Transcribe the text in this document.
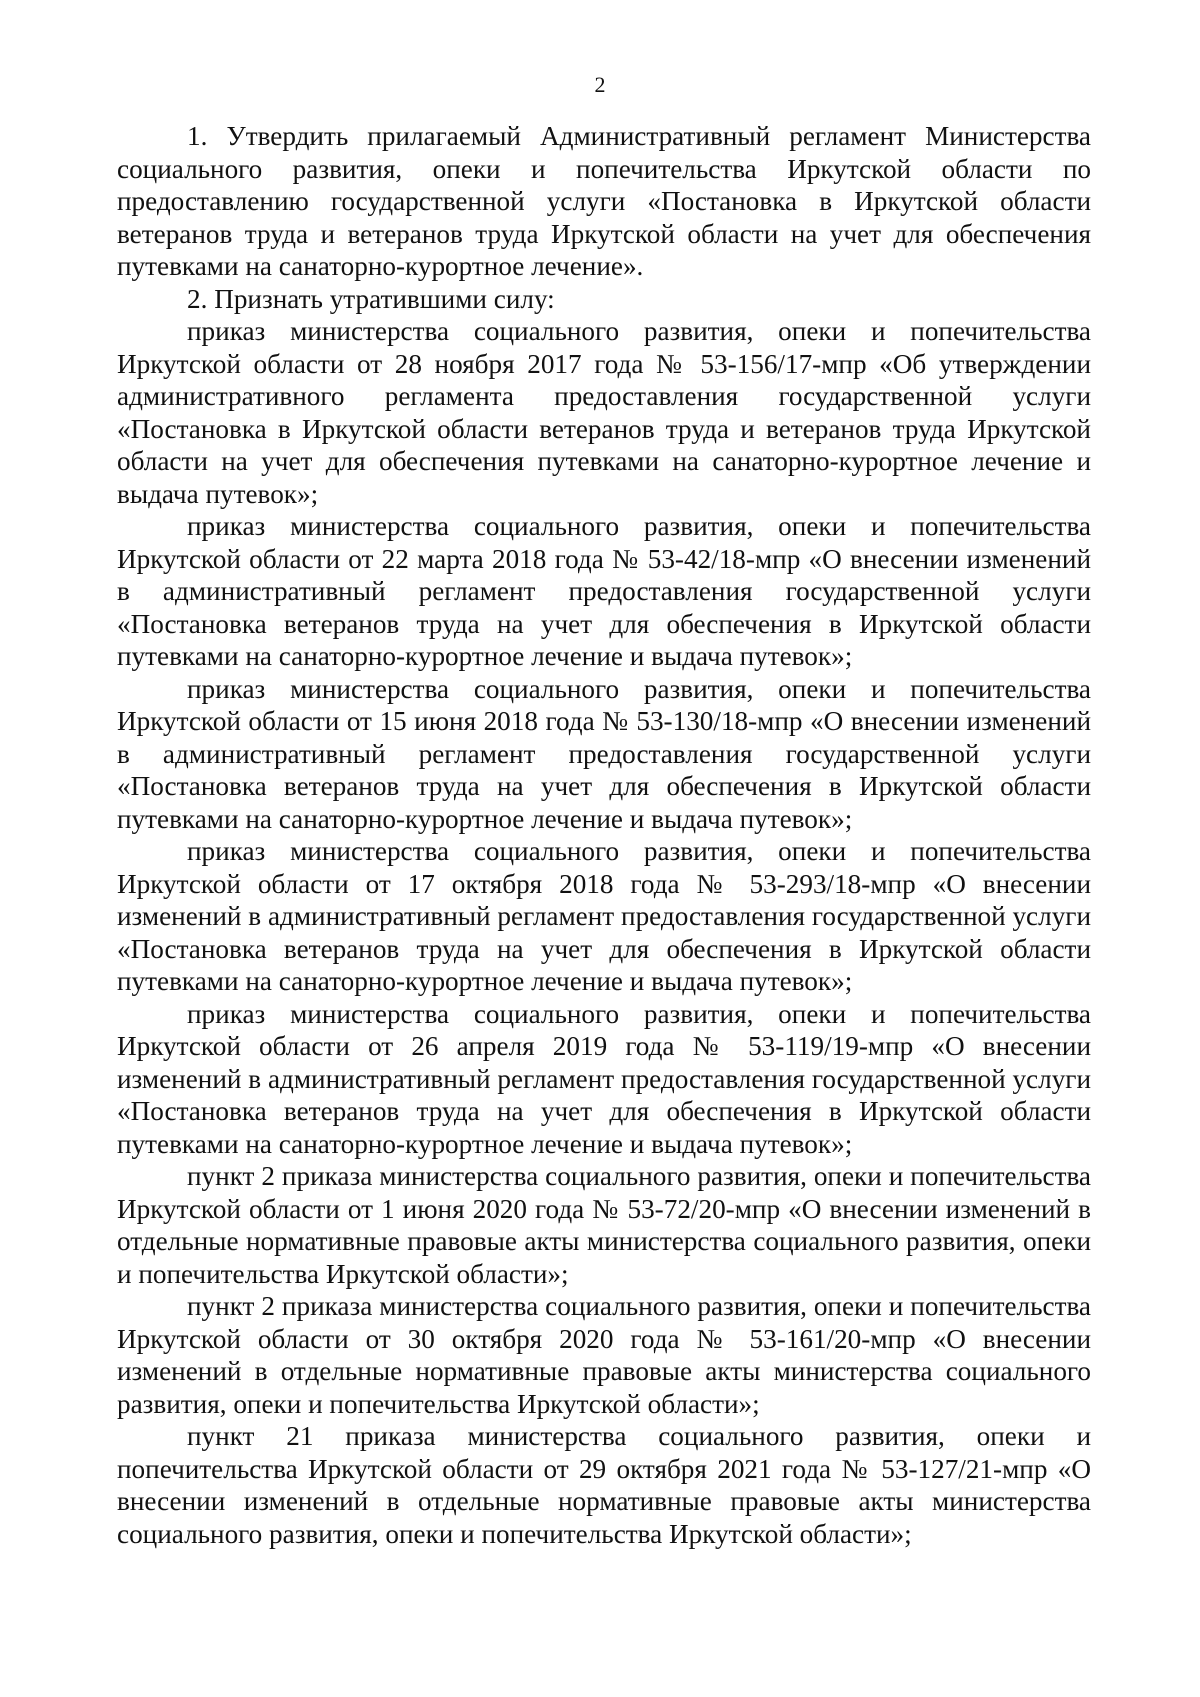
2

1. Утвердить прилагаемый Административный регламент Министерства социального развития, опеки и попечительства Иркутской области по предоставлению государственной услуги «Постановка в Иркутской области ветеранов труда и ветеранов труда Иркутской области на учет для обеспечения путевками на санаторно-курортное лечение».

2. Признать утратившими силу:

приказ министерства социального развития, опеки и попечительства Иркутской области от 28 ноября 2017 года № 53-156/17-мпр «Об утверждении административного регламента предоставления государственной услуги «Постановка в Иркутской области ветеранов труда и ветеранов труда Иркутской области на учет для обеспечения путевками на санаторно-курортное лечение и выдача путевок»;

приказ министерства социального развития, опеки и попечительства Иркутской области от 22 марта 2018 года № 53-42/18-мпр «О внесении изменений в административный регламент предоставления государственной услуги «Постановка ветеранов труда на учет для обеспечения в Иркутской области путевками на санаторно-курортное лечение и выдача путевок»;

приказ министерства социального развития, опеки и попечительства Иркутской области от 15 июня 2018 года № 53-130/18-мпр «О внесении изменений в административный регламент предоставления государственной услуги «Постановка ветеранов труда на учет для обеспечения в Иркутской области путевками на санаторно-курортное лечение и выдача путевок»;

приказ министерства социального развития, опеки и попечительства Иркутской области от 17 октября 2018 года № 53-293/18-мпр «О внесении изменений в административный регламент предоставления государственной услуги «Постановка ветеранов труда на учет для обеспечения в Иркутской области путевками на санаторно-курортное лечение и выдача путевок»;

приказ министерства социального развития, опеки и попечительства Иркутской области от 26 апреля 2019 года № 53-119/19-мпр «О внесении изменений в административный регламент предоставления государственной услуги «Постановка ветеранов труда на учет для обеспечения в Иркутской области путевками на санаторно-курортное лечение и выдача путевок»;

пункт 2 приказа министерства социального развития, опеки и попечительства Иркутской области от 1 июня 2020 года № 53-72/20-мпр «О внесении изменений в отдельные нормативные правовые акты министерства социального развития, опеки и попечительства Иркутской области»;

пункт 2 приказа министерства социального развития, опеки и попечительства Иркутской области от 30 октября 2020 года № 53-161/20-мпр «О внесении изменений в отдельные нормативные правовые акты министерства социального развития, опеки и попечительства Иркутской области»;

пункт 21 приказа министерства социального развития, опеки и попечительства Иркутской области от 29 октября 2021 года № 53-127/21-мпр «О внесении изменений в отдельные нормативные правовые акты министерства социального развития, опеки и попечительства Иркутской области»;
